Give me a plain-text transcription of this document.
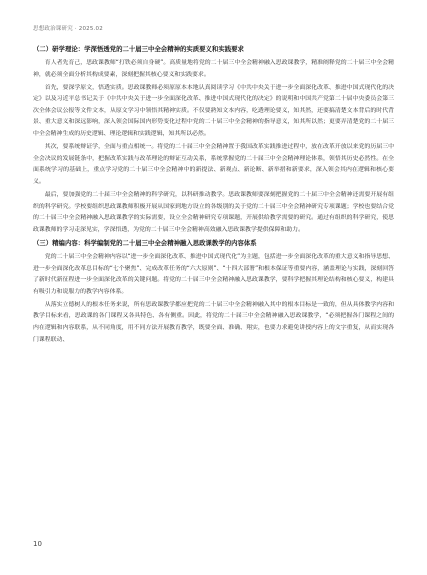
思想政治课研究 · 2025.02
（二）研学理论：学深悟透党的二十届三中全会精神的实质要义和实践要求

育人者先育己，思政课教师“打铁必须自身硬”。高质量地将党的二十届三中全会精神融入思政课教学，精准阐释党的二十届三中全会精神，就必须全面分析其构成要素，深刻把握其核心要义和实践要求。

首先，要深学原文，悟透实质。思政课教师必须原原本本地认真阅读学习《中共中央关于进一步全面深化改革、推进中国式现代化的决定》以及习近平总书记关于《中共中央关于进一步全面深化改革、推进中国式现代化的决定》的说明和中国共产党第二十届中央委员会第三次全体会议公报等文件文本，从原文学习中领悟其精神实质。不仅要熟知文本内容，吃透理论要义，知其然，还要搞清楚文本背后的时代背景、重大意义和深远影响，深入领会国际国内形势变化过程中党的二十届三中全会精神的指导意义，知其所以然；更要弄清楚党的二十届三中全会精神生成的历史逻辑、理论逻辑和实践逻辑，知其所以必然。

其次，要系统辩证学，全面与重点相统一。将党的二十届三中全会精神置于我国改革实践推进过程中，放在改革开放以来党的历届三中全会决议的发展链条中，把握改革实践与改革理论的辩证互动关系，系统掌握党的二十届三中全会精神理论体系，领悟其历史必然性。在全面系统学习的基础上，重点学习党的二十届三中全会精神中的新提法、新观点、新论断、新举措和新要求，深入领会其内在逻辑和核心要义。

最后，要加强党的二十届三中全会精神的科学研究，以科研推动教学。思政课教师要深刻把握党的二十届三中全会精神还需要开展有组织的科学研究。学校要组织思政课教师积极开展从国家到地方设立的各级别的关于党的二十届三中全会精神研究专项课题；学校也要结合党的二十届三中全会精神融入思政课教学的实际需要，设立全会精神研究专项课题，开展供给教学需要的研究。通过有组织的科学研究，使思政课教师的学习走深见实，学深悟透，为党的二十届三中全会精神高效融入思政课教学提供保障和助力。

（三）精编内容：科学编制党的二十届三中全会精神融入思政课教学的内容体系

党的二十届三中全会精神内容以“进一步全面深化改革、推进中国式现代化”为主题，包括进一步全面深化改革的重大意义和指导思想、进一步全面深化改革总目标的“七个聚焦”、完成改革任务的“六大原则”、“十四大部署”和根本保证等重要内容，涵盖理论与实践，深刻回答了新时代新征程进一步全面深化改革的关键问题。将党的二十届三中全会精神融入思政课教学，要科学把握其理论结构和核心要义，构建具有吸引力和说服力的教学内容体系。

从落实立德树人的根本任务来说，所有思政课教学都应把党的二十届三中全会精神融入其中的根本目标是一致的，但从具体教学内容和教学目标来看，思政课的各门课程又各具特色、各有侧重。因此，将党的二十届三中全会精神融入思政课教学，“必须把握各门课程之间的内在逻辑和内容联系，从不同角度，用不同方法开展教育教学，既要全面、准确、翔实，也要力求避免讲授内容上的文字重复，从而实现各门课程联动、

10
